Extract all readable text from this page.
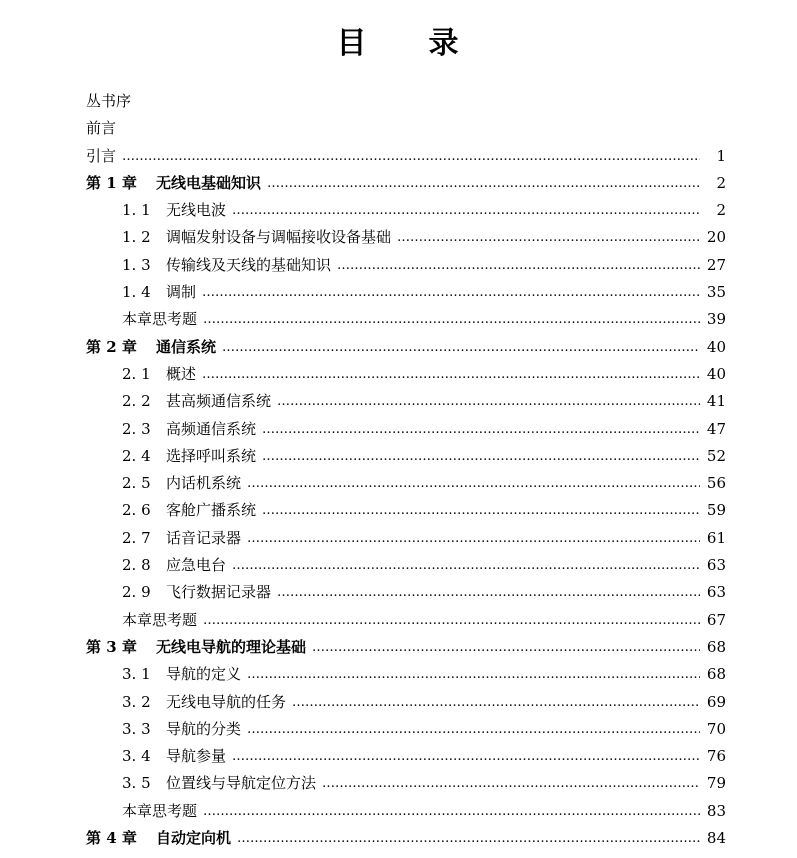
目 录
丛书序
前言
引言 …………………………………………………………………………………………………………………………………………………………………………	1
第 1 章	无线电基础知识 …………………………………………………………………………………………………………………………………………………………………………	2
1. 1	无线电波 …………………………………………………………………………………………………………………………………………………………………………	2
1. 2	调幅发射设备与调幅接收设备基础 …………………………………………………………………………………………………………………………………………………………………………	20
1. 3	传输线及天线的基础知识 …………………………………………………………………………………………………………………………………………………………………………	27
1. 4	调制 …………………………………………………………………………………………………………………………………………………………………………	35
本章思考题 …………………………………………………………………………………………………………………………………………………………………………	39
第 2 章	通信系统 …………………………………………………………………………………………………………………………………………………………………………	40
2. 1	概述 …………………………………………………………………………………………………………………………………………………………………………	40
2. 2	甚高频通信系统 …………………………………………………………………………………………………………………………………………………………………………	41
2. 3	高频通信系统 …………………………………………………………………………………………………………………………………………………………………………	47
2. 4	选择呼叫系统 …………………………………………………………………………………………………………………………………………………………………………	52
2. 5	内话机系统 …………………………………………………………………………………………………………………………………………………………………………	56
2. 6	客舱广播系统 …………………………………………………………………………………………………………………………………………………………………………	59
2. 7	话音记录器 …………………………………………………………………………………………………………………………………………………………………………	61
2. 8	应急电台 …………………………………………………………………………………………………………………………………………………………………………	63
2. 9	飞行数据记录器 …………………………………………………………………………………………………………………………………………………………………………	63
本章思考题 …………………………………………………………………………………………………………………………………………………………………………	67
第 3 章	无线电导航的理论基础 …………………………………………………………………………………………………………………………………………………………………………	68
3. 1	导航的定义 …………………………………………………………………………………………………………………………………………………………………………	68
3. 2	无线电导航的任务 …………………………………………………………………………………………………………………………………………………………………………	69
3. 3	导航的分类 …………………………………………………………………………………………………………………………………………………………………………	70
3. 4	导航参量 …………………………………………………………………………………………………………………………………………………………………………	76
3. 5	位置线与导航定位方法 …………………………………………………………………………………………………………………………………………………………………………	79
本章思考题 …………………………………………………………………………………………………………………………………………………………………………	83
第 4 章	自动定向机 …………………………………………………………………………………………………………………………………………………………………………	84
